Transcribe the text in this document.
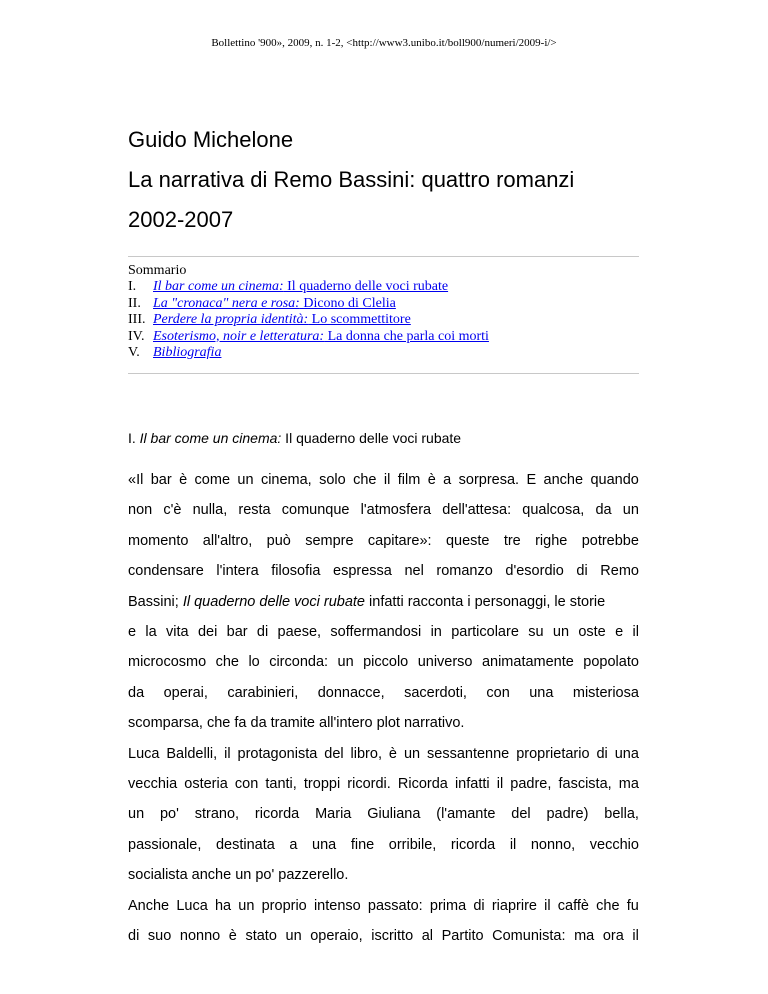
Bollettino '900», 2009, n. 1-2, <http://www3.unibo.it/boll900/numeri/2009-i/>
Guido Michelone
La narrativa di Remo Bassini: quattro romanzi
2002-2007
Sommario
I.	Il bar come un cinema: Il quaderno delle voci rubate
II. La "cronaca" nera e rosa: Dicono di Clelia
III. Perdere la propria identità: Lo scommettitore
IV. Esoterismo, noir e letteratura: La donna che parla coi morti
V. Bibliografia
I. Il bar come un cinema: Il quaderno delle voci rubate

«Il bar è come un cinema, solo che il film è a sorpresa. E anche quando
non c'è nulla, resta comunque l'atmosfera dell'attesa: qualcosa, da un
momento all'altro, può sempre capitare»: queste tre righe potrebbe
condensare l'intera filosofia espressa nel romanzo d'esordio di Remo
Bassini; Il quaderno delle voci rubate infatti racconta i personaggi, le storie
e la vita dei bar di paese, soffermandosi in particolare su un oste e il
microcosmo che lo circonda: un piccolo universo animatamente popolato
da operai, carabinieri, donnacce, sacerdoti, con una misteriosa
scomparsa, che fa da tramite all'intero plot narrativo.

Luca Baldelli, il protagonista del libro, è un sessantenne proprietario di una
vecchia osteria con tanti, troppi ricordi. Ricorda infatti il padre, fascista, ma
un po' strano, ricorda Maria Giuliana (l'amante del padre) bella,
passionale, destinata a una fine orribile, ricorda il nonno, vecchio
socialista anche un po' pazzerello.

Anche Luca ha un proprio intenso passato: prima di riaprire il caffè che fu
di suo nonno è stato un operaio, iscritto al Partito Comunista: ma ora il
